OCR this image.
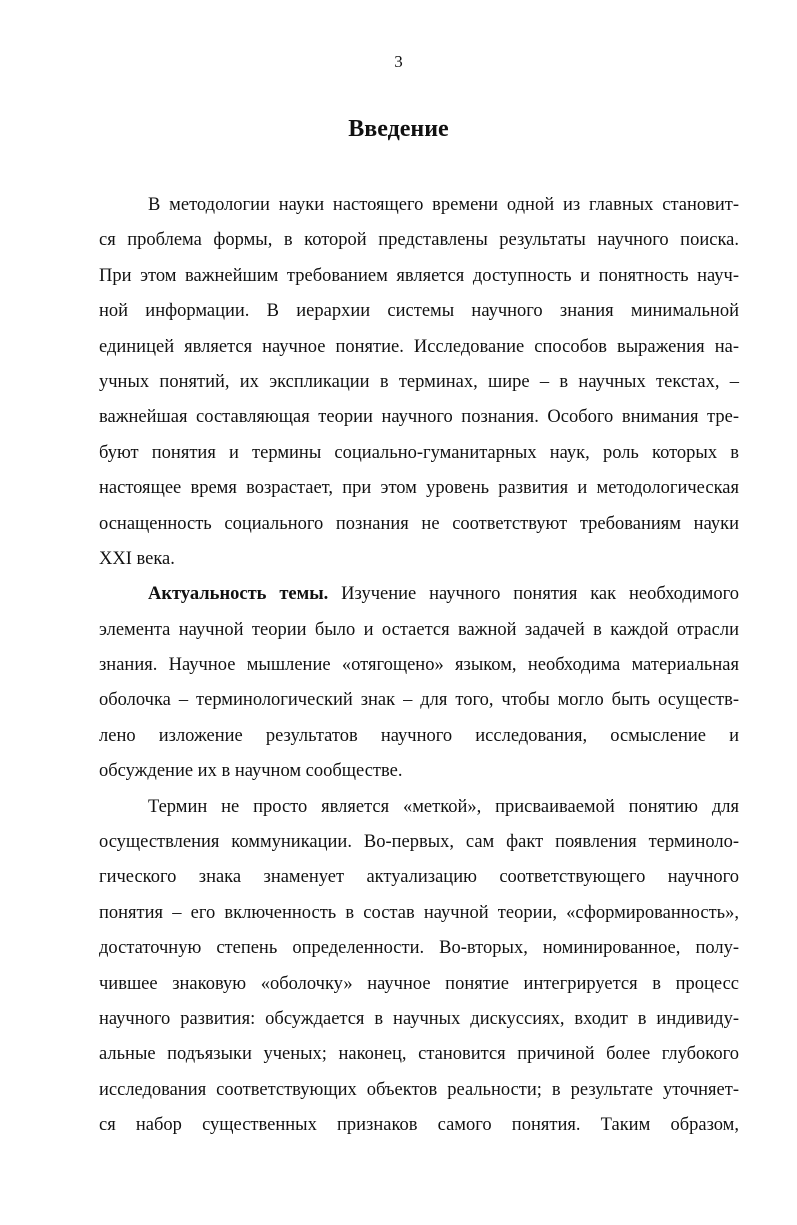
3
Введение
В методологии науки настоящего времени одной из главных становит-
ся проблема формы, в которой представлены результаты научного поиска.
При этом важнейшим требованием является доступность и понятность науч-
ной информации. В иерархии системы научного знания минимальной
единицей является научное понятие. Исследование способов выражения на-
учных понятий, их экспликации в терминах, шире – в научных текстах, –
важнейшая составляющая теории научного познания. Особого внимания тре-
буют понятия и термины социально-гуманитарных наук, роль которых в
настоящее время возрастает, при этом уровень развития и методологическая
оснащенность социального познания не соответствуют требованиям науки
XXI века.
Актуальность темы. Изучение научного понятия как необходимого
элемента научной теории было и остается важной задачей в каждой отрасли
знания. Научное мышление «отягощено» языком, необходима материальная
оболочка – терминологический знак – для того, чтобы могло быть осуществ-
лено изложение результатов научного исследования, осмысление и
обсуждение их в научном сообществе.
Термин не просто является «меткой», присваиваемой понятию для
осуществления коммуникации. Во-первых, сам факт появления терминоло-
гического знака знаменует актуализацию соответствующего научного
понятия – его включенность в состав научной теории, «сформированность»,
достаточную степень определенности. Во-вторых, номинированное, полу-
чившее знаковую «оболочку» научное понятие интегрируется в процесс
научного развития: обсуждается в научных дискуссиях, входит в индивиду-
альные подъязыки ученых; наконец, становится причиной более глубокого
исследования соответствующих объектов реальности; в результате уточняет-
ся набор существенных признаков самого понятия. Таким образом,
